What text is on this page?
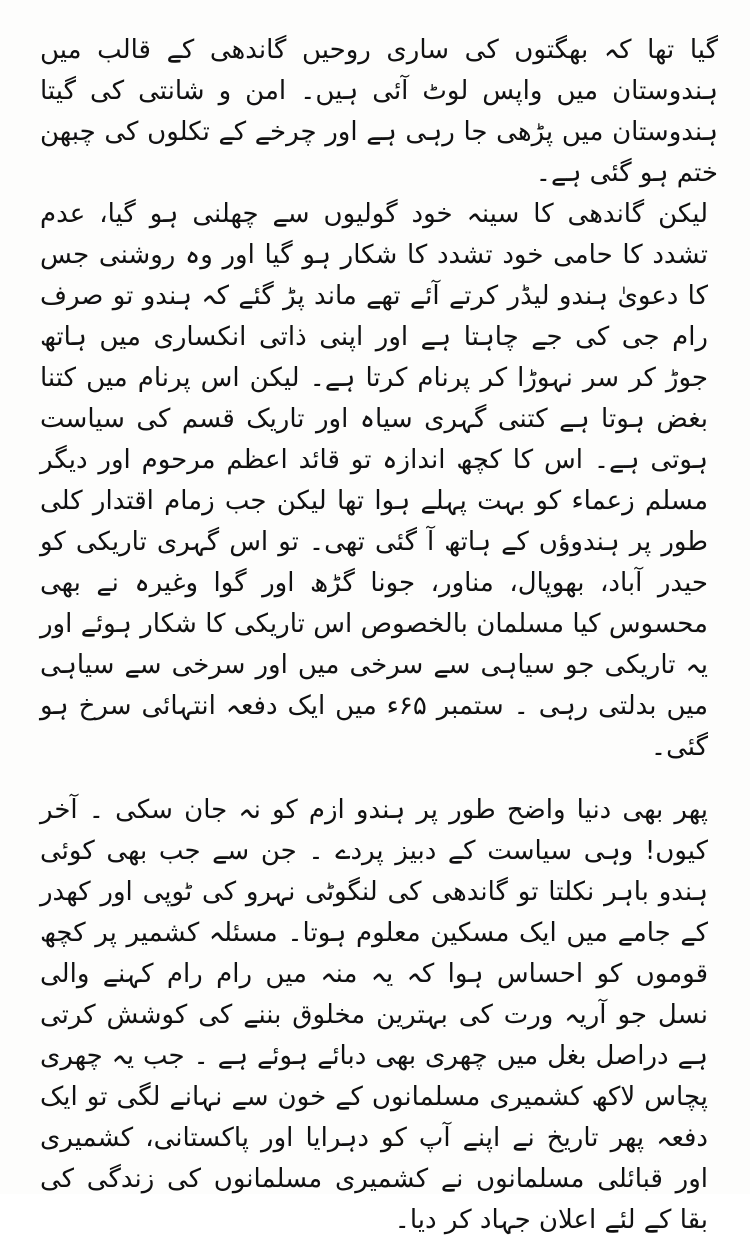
گیا تھا کہ بھگتوں کی ساری روحیں گاندھی کے قالب میں ہندوستان میں واپس لوٹ آئی ہیں۔ امن و شانتی کی گیتا ہندوستان میں پڑھی جا رہی ہے اور چرخے کے تکلوں کی چبھن ختم ہو گئی ہے۔

لیکن گاندھی کا سینہ خود گولیوں سے چھلنی ہو گیا، عدم تشدد کا حامی خود تشدد کا شکار ہو گیا اور وہ روشنی جس کا دعویٰ ہندو لیڈر کرتے آئے تھے ماند پڑ گئے کہ ہندو تو صرف رام جی کی جے چاہتا ہے اور اپنی ذاتی انکساری میں ہاتھ جوڑ کر سر نہوڑا کر پرنام کرتا ہے۔ لیکن اس پرنام میں کتنا بغض ہوتا ہے کتنی گہری سیاہ اور تاریک قسم کی سیاست ہوتی ہے۔ اس کا کچھ اندازہ تو قائد اعظم مرحوم اور دیگر مسلم زعماء کو بہت پہلے ہوا تھا لیکن جب زمام اقتدار کلی طور پر ہندوؤں کے ہاتھ آ گئی تھی۔ تو اس گہری تاریکی کو حیدر آباد، بھوپال، مناور، جونا گڑھ اور گوا وغیرہ نے بھی محسوس کیا مسلمان بالخصوص اس تاریکی کا شکار ہوئے اور یہ تاریکی جو سیاہی سے سرخی میں اور سرخی سے سیاہی میں بدلتی رہی ۔ ستمبر ۶۵ء میں ایک دفعہ انتہائی سرخ ہو گئی۔

پھر بھی دنیا واضح طور پر ہندو ازم کو نہ جان سکی ۔ آخر کیوں! وہی سیاست کے دبیز پردے ۔ جن سے جب بھی کوئی ہندو باہر نکلتا تو گاندھی کی لنگوٹی نہرو کی ٹوپی اور کھدر کے جامے میں ایک مسکین معلوم ہوتا۔ مسئلہ کشمیر پر کچھ قوموں کو احساس ہوا کہ یہ منہ میں رام رام کہنے والی نسل جو آریہ ورت کی بہترین مخلوق بننے کی کوشش کرتی ہے دراصل بغل میں چھری بھی دبائے ہوئے ہے ۔ جب یہ چھری پچاس لاکھ کشمیری مسلمانوں کے خون سے نہانے لگی تو ایک دفعہ پھر تاریخ نے اپنے آپ کو دہرایا اور پاکستانی، کشمیری اور قبائلی مسلمانوں نے کشمیری مسلمانوں کی زندگی کی بقا کے لئے اعلان جہاد کر دیا۔
